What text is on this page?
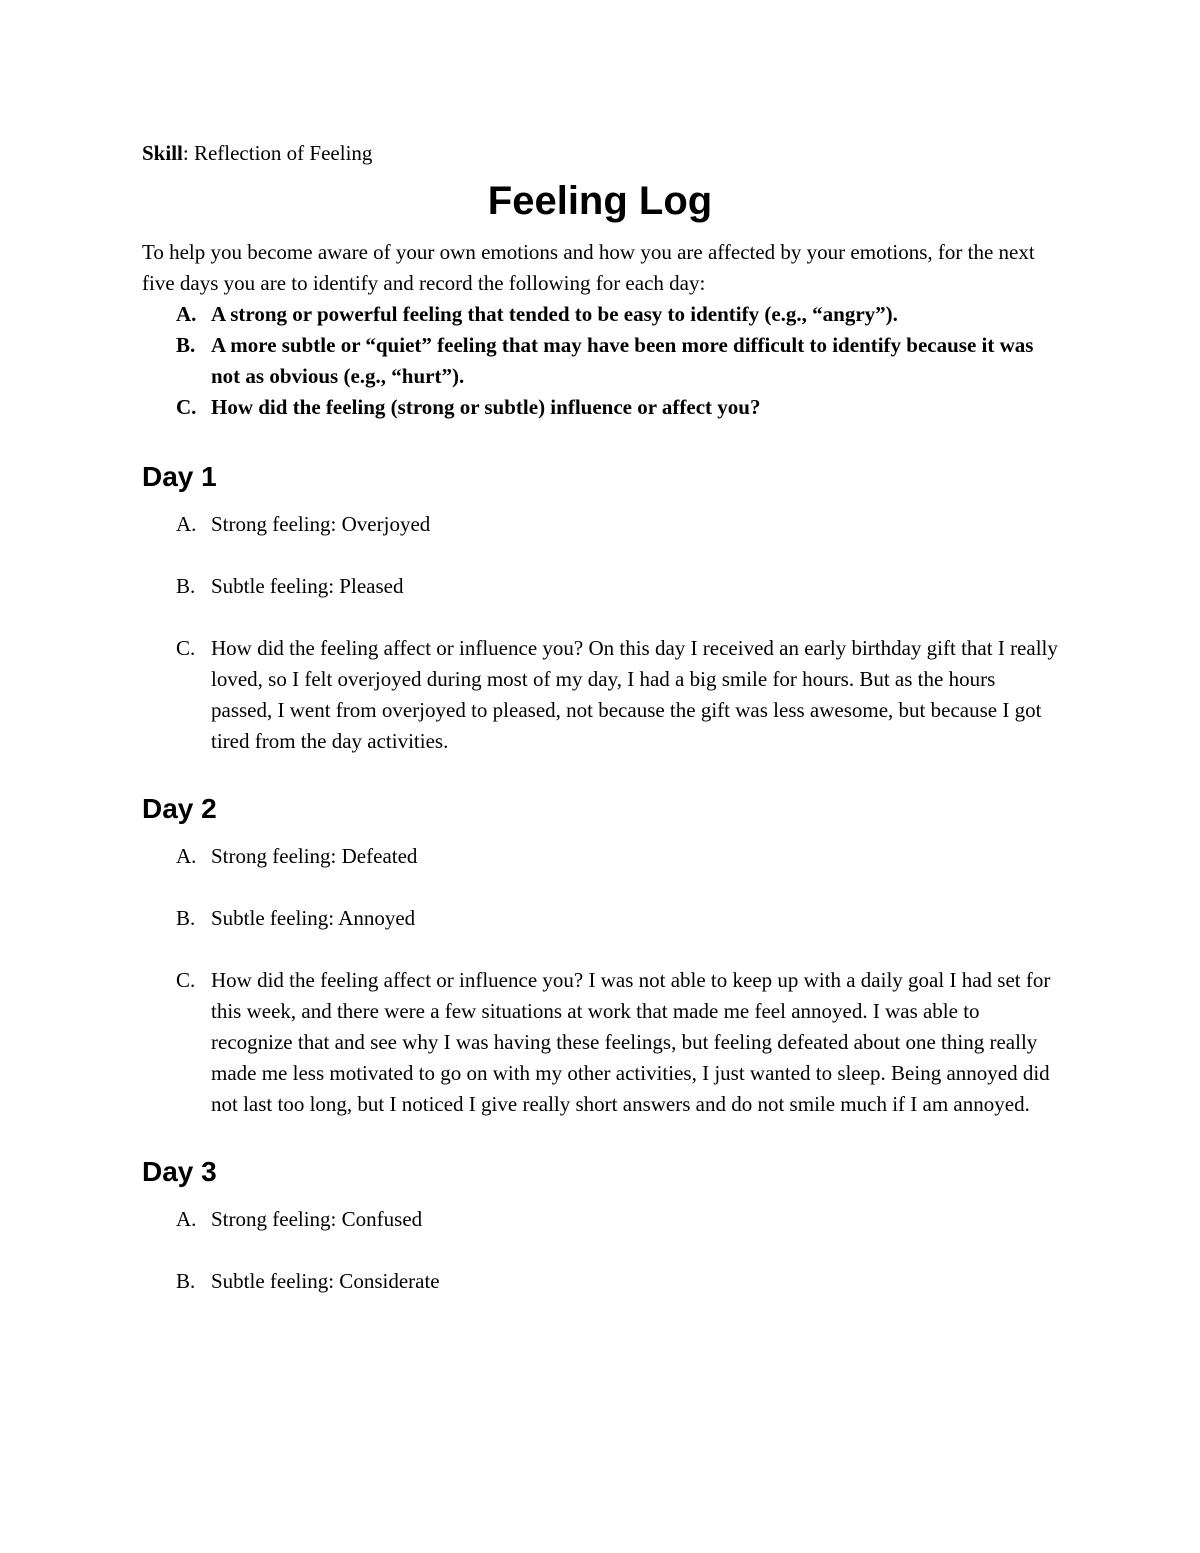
Skill: Reflection of Feeling

Feeling Log

To help you become aware of your own emotions and how you are affected by your emotions, for the next five days you are to identify and record the following for each day:

A. A strong or powerful feeling that tended to be easy to identify (e.g., “angry”).
B. A more subtle or “quiet” feeling that may have been more difficult to identify because it was not as obvious (e.g., “hurt”).
C. How did the feeling (strong or subtle) influence or affect you?
Day 1
A. Strong feeling: Overjoyed
B. Subtle feeling: Pleased
C. How did the feeling affect or influence you? On this day I received an early birthday gift that I really loved, so I felt overjoyed during most of my day, I had a big smile for hours. But as the hours passed, I went from overjoyed to pleased, not because the gift was less awesome, but because I got tired from the day activities.
Day 2
A. Strong feeling: Defeated
B. Subtle feeling: Annoyed
C. How did the feeling affect or influence you? I was not able to keep up with a daily goal I had set for this week, and there were a few situations at work that made me feel annoyed. I was able to recognize that and see why I was having these feelings, but feeling defeated about one thing really made me less motivated to go on with my other activities, I just wanted to sleep. Being annoyed did not last too long, but I noticed I give really short answers and do not smile much if I am annoyed.
Day 3
A. Strong feeling: Confused
B. Subtle feeling: Considerate
